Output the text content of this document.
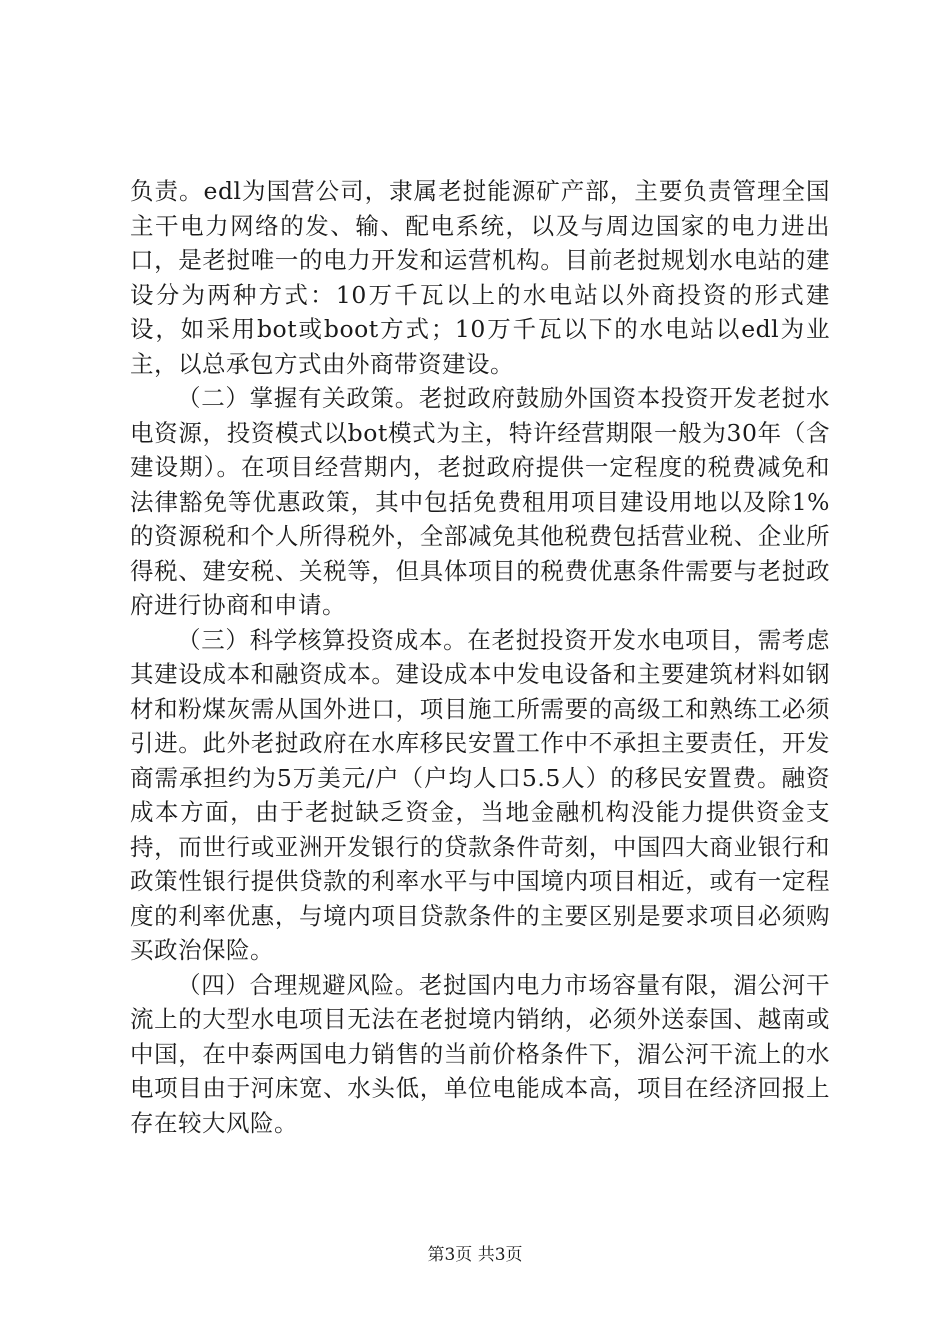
负责。edl为国营公司，隶属老挝能源矿产部，主要负责管理全国主干电力网络的发、输、配电系统，以及与周边国家的电力进出口，是老挝唯一的电力开发和运营机构。目前老挝规划水电站的建设分为两种方式：10万千瓦以上的水电站以外商投资的形式建设，如采用bot或boot方式；10万千瓦以下的水电站以edl为业主，以总承包方式由外商带资建设。

（二）掌握有关政策。老挝政府鼓励外国资本投资开发老挝水电资源，投资模式以bot模式为主，特许经营期限一般为30年（含建设期）。在项目经营期内，老挝政府提供一定程度的税费减免和法律豁免等优惠政策，其中包括免费租用项目建设用地以及除1%的资源税和个人所得税外，全部减免其他税费包括营业税、企业所得税、建安税、关税等，但具体项目的税费优惠条件需要与老挝政府进行协商和申请。

（三）科学核算投资成本。在老挝投资开发水电项目，需考虑其建设成本和融资成本。建设成本中发电设备和主要建筑材料如钢材和粉煤灰需从国外进口，项目施工所需要的高级工和熟练工必须引进。此外老挝政府在水库移民安置工作中不承担主要责任，开发商需承担约为5万美元/户（户均人口5.5人）的移民安置费。融资成本方面，由于老挝缺乏资金，当地金融机构没能力提供资金支持，而世行或亚洲开发银行的贷款条件苛刻，中国四大商业银行和政策性银行提供贷款的利率水平与中国境内项目相近，或有一定程度的利率优惠，与境内项目贷款条件的主要区别是要求项目必须购买政治保险。

（四）合理规避风险。老挝国内电力市场容量有限，湄公河干流上的大型水电项目无法在老挝境内销纳，必须外送泰国、越南或中国，在中泰两国电力销售的当前价格条件下，湄公河干流上的水电项目由于河床宽、水头低，单位电能成本高，项目在经济回报上存在较大风险。

第3页 共3页
